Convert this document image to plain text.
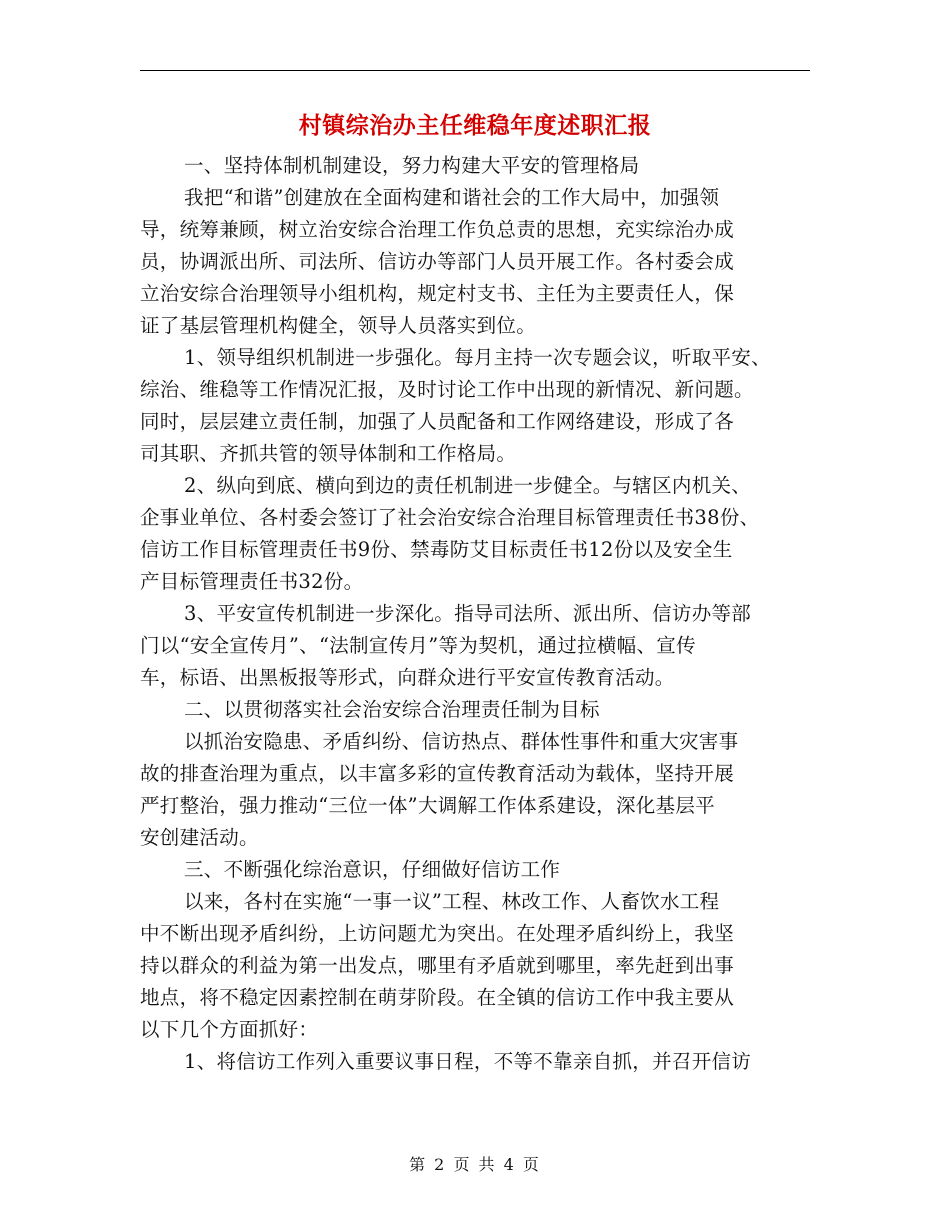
村镇综治办主任维稳年度述职汇报
一、坚持体制机制建设，努力构建大平安的管理格局
我把“和谐”创建放在全面构建和谐社会的工作大局中，加强领
导，统筹兼顾，树立治安综合治理工作负总责的思想，充实综治办成
员，协调派出所、司法所、信访办等部门人员开展工作。各村委会成
立治安综合治理领导小组机构，规定村支书、主任为主要责任人，保
证了基层管理机构健全，领导人员落实到位。
1、领导组织机制进一步强化。每月主持一次专题会议，听取平安、
综治、维稳等工作情况汇报，及时讨论工作中出现的新情况、新问题。
同时，层层建立责任制，加强了人员配备和工作网络建设，形成了各
司其职、齐抓共管的领导体制和工作格局。
2、纵向到底、横向到边的责任机制进一步健全。与辖区内机关、
企事业单位、各村委会签订了社会治安综合治理目标管理责任书38份、
信访工作目标管理责任书9份、禁毒防艾目标责任书12份以及安全生
产目标管理责任书32份。
3、平安宣传机制进一步深化。指导司法所、派出所、信访办等部
门以“安全宣传月”、“法制宣传月”等为契机，通过拉横幅、宣传
车，标语、出黑板报等形式，向群众进行平安宣传教育活动。
二、以贯彻落实社会治安综合治理责任制为目标
以抓治安隐患、矛盾纠纷、信访热点、群体性事件和重大灾害事
故的排查治理为重点，以丰富多彩的宣传教育活动为载体，坚持开展
严打整治，强力推动“三位一体”大调解工作体系建设，深化基层平
安创建活动。
三、不断强化综治意识，仔细做好信访工作
以来，各村在实施“一事一议”工程、林改工作、人畜饮水工程
中不断出现矛盾纠纷，上访问题尤为突出。在处理矛盾纠纷上，我坚
持以群众的利益为第一出发点，哪里有矛盾就到哪里，率先赶到出事
地点，将不稳定因素控制在萌芽阶段。在全镇的信访工作中我主要从
以下几个方面抓好：
1、将信访工作列入重要议事日程，不等不靠亲自抓，并召开信访
第 2 页 共 4 页
